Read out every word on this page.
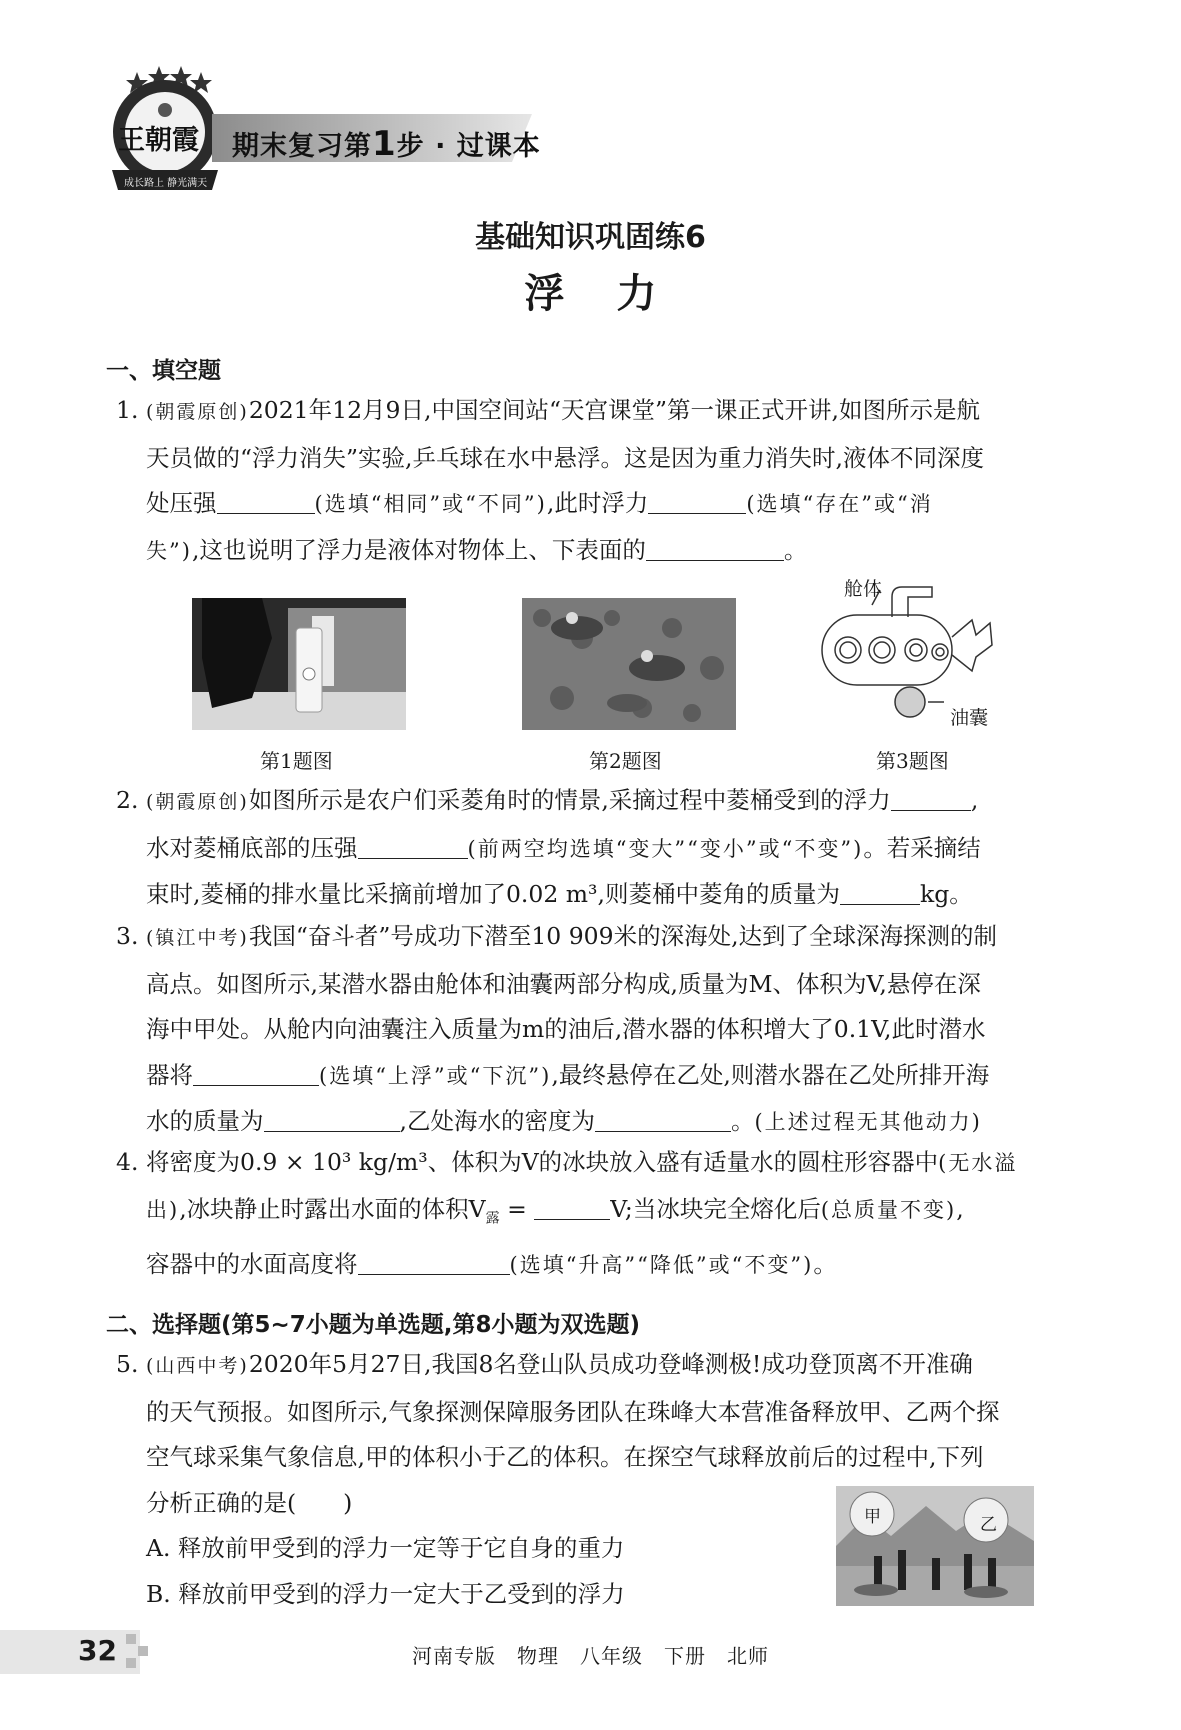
王朝霞
成长路上 静光满天
期末复习第1步 · 过课本
基础知识巩固练6
浮力
一、填空题
1. (朝霞原创)2021年12月9日,中国空间站“天宫课堂”第一课正式开讲,如图所示是航
天员做的“浮力消失”实验,乒乓球在水中悬浮。这是因为重力消失时,液体不同深度
处压强	(选填“相同”或“不同”),此时浮力	(选填“存在”或“消
失”),这也说明了浮力是液体对物体上、下表面的	。
舱体
油囊
第1题图	第2题图	第3题图
2. (朝霞原创)如图所示是农户们采菱角时的情景,采摘过程中菱桶受到的浮力	,
水对菱桶底部的压强	(前两空均选填“变大”“变小”或“不变”)。若采摘结
束时,菱桶的排水量比采摘前增加了0.02 m³,则菱桶中菱角的质量为	kg。
3. (镇江中考)我国“奋斗者”号成功下潜至10 909米的深海处,达到了全球深海探测的制
高点。如图所示,某潜水器由舱体和油囊两部分构成,质量为M、体积为V,悬停在深
海中甲处。从舱内向油囊注入质量为m的油后,潜水器的体积增大了0.1V,此时潜水
器将	(选填“上浮”或“下沉”),最终悬停在乙处,则潜水器在乙处所排开海
水的质量为	,乙处海水的密度为	。(上述过程无其他动力)
4. 将密度为0.9 × 10³ kg/m³、体积为V的冰块放入盛有适量水的圆柱形容器中(无水溢
出),冰块静止时露出水面的体积$V_露$ =	V;当冰块完全熔化后(总质量不变),
容器中的水面高度将	(选填“升高”“降低”或“不变”)。
二、选择题(第5~7小题为单选题,第8小题为双选题)
5. (山西中考)2020年5月27日,我国8名登山队员成功登峰测极!成功登顶离不开准确
的天气预报。如图所示,气象探测保障服务团队在珠峰大本营准备释放甲、乙两个探
空气球采集气象信息,甲的体积小于乙的体积。在探空气球释放前后的过程中,下列
分析正确的是(　　)
A. 释放前甲受到的浮力一定等于它自身的重力
B. 释放前甲受到的浮力一定大于乙受到的浮力
甲	乙
32	河南专版　物理　八年级　下册　北师
